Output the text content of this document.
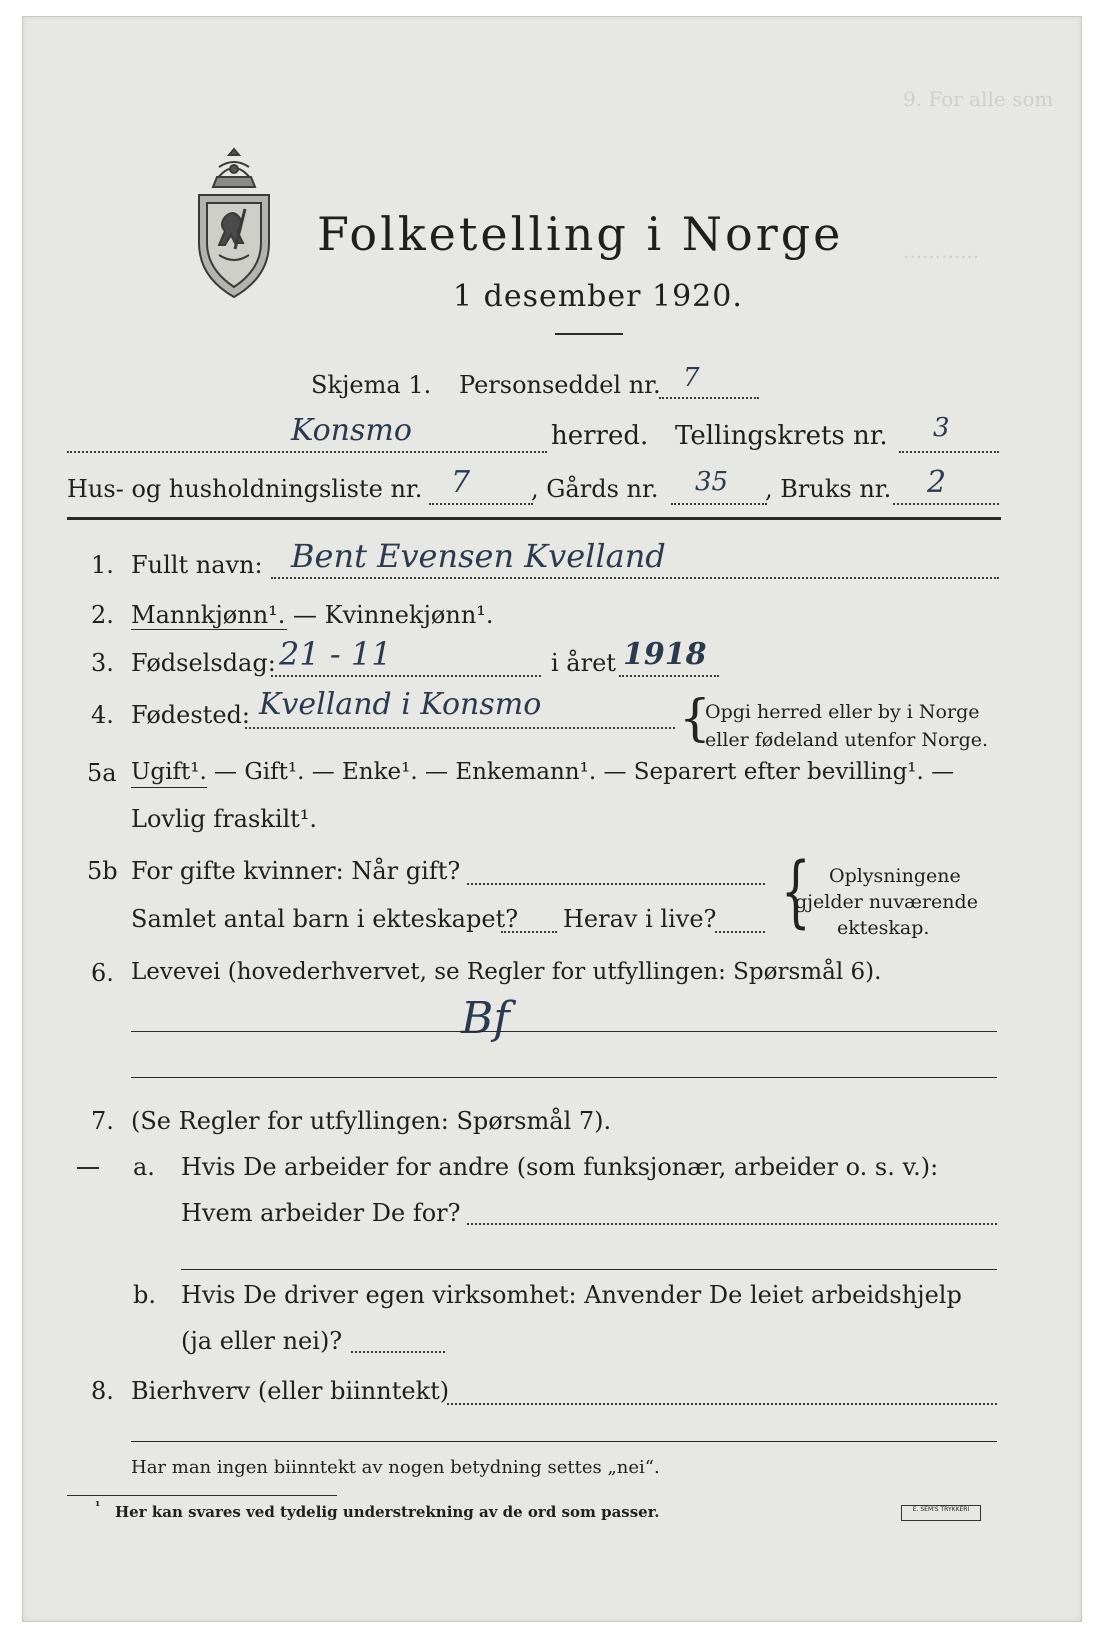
9. For alle som
............
Folketelling i Norge
1 desember 1920.
Skjema 1. Personseddel nr. 7
Konsmo	herred. Tellingskrets nr. 3
Hus- og husholdningsliste nr. 7	, Gårds nr. 35 , Bruks nr. 2
1. Fullt navn: Bent Evensen Kvelland
2. Mannkjønn¹. — Kvinnekjønn¹.
3. Fødselsdag: 21 - 11	i året 1918
4. Fødested: Kvelland i Konsmo	{
Opgi herred eller by i Norge
eller fødeland utenfor Norge.
5a Ugift¹. — Gift¹. — Enke¹. — Enkemann¹. — Separert efter bevilling¹. —
Lovlig fraskilt¹.
5b For gifte kvinner: Når gift?
Samlet antal barn i ekteskapet? Herav i live? { Oplysningene
gjelder nuværende
ekteskap.
6. Levevei (hovederhvervet, se Regler for utfyllingen: Spørsmål 6).
Bf
7. (Se Regler for utfyllingen: Spørsmål 7).
a. Hvis De arbeider for andre (som funksjonær, arbeider o. s. v.):
Hvem arbeider De for?
b. Hvis De driver egen virksomhet: Anvender De leiet arbeidshjelp
(ja eller nei)?
8. Bierhverv (eller biinntekt)
Har man ingen biinntekt av nogen betydning settes „nei“.
¹ Her kan svares ved tydelig understrekning av de ord som passer.	E. SEM'S TRYKKERI
